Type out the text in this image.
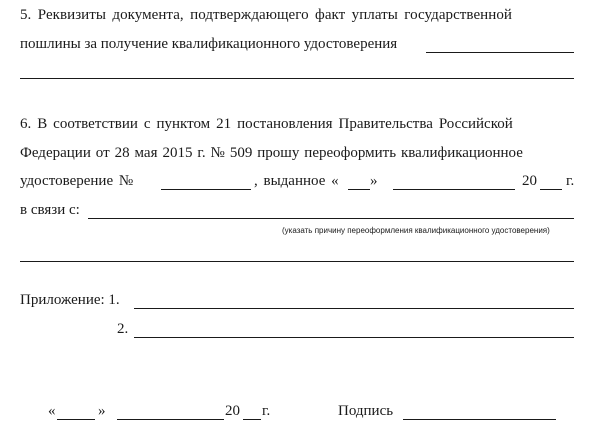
5. Реквизиты документа, подтверждающего факт уплаты государственной
пошлины за получение квалификационного удостоверения
6. В соответствии с пунктом 21 постановления Правительства Российской
Федерации от 28 мая 2015 г. № 509 прошу переоформить квалификационное
удостоверение №	, выданное « »	20 г.
в связи с:
(указать причину переоформления квалификационного удостоверения)
Приложение: 1.
2.
«	»	20 г.	Подпись
